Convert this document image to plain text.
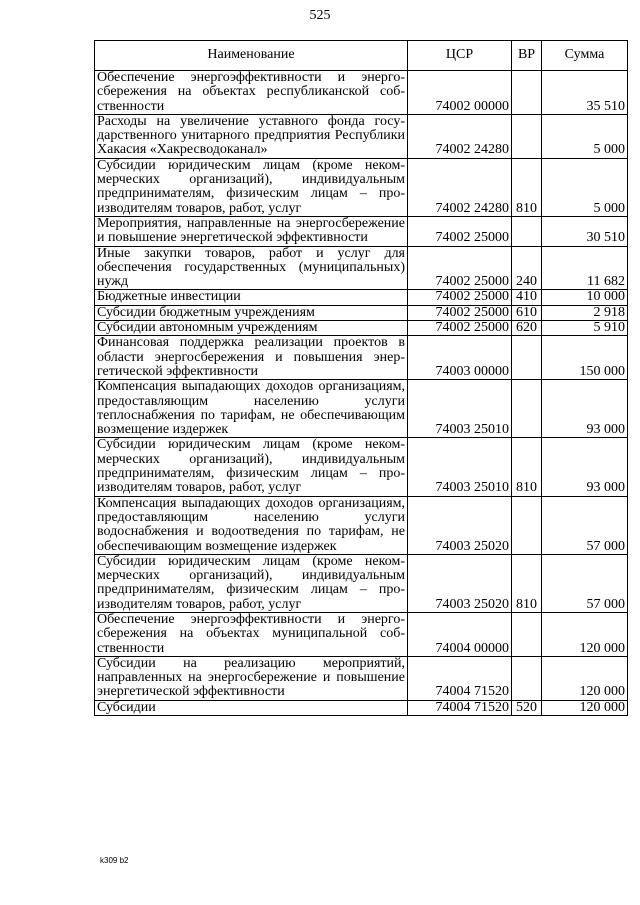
525
Наименование	ЦСР	ВР	Сумма
Обеспечение энергоэффективности и энергосбережения на объектах республиканской собственности	74002 00000		35 510
Расходы на увеличение уставного фонда государственного унитарного предприятия Республики Хакасия «Хакресводоканал»	74002 24280		5 000
Субсидии юридическим лицам (кроме некоммерческих организаций), индивидуальным предпринимателям, физическим лицам – производителям товаров, работ, услуг	74002 24280	810	5 000
Мероприятия, направленные на энергосбережение и повышение энергетической эффективности	74002 25000		30 510
Иные закупки товаров, работ и услуг для обеспечения государственных (муниципальных) нужд	74002 25000	240	11 682
Бюджетные инвестиции	74002 25000	410	10 000
Субсидии бюджетным учреждениям	74002 25000	610	2 918
Субсидии автономным учреждениям	74002 25000	620	5 910
Финансовая поддержка реализации проектов в области энергосбережения и повышения энергетической эффективности	74003 00000		150 000
Компенсация выпадающих доходов организациям, предоставляющим населению услуги теплоснабжения по тарифам, не обеспечивающим возмещение издержек	74003 25010		93 000
Субсидии юридическим лицам (кроме некоммерческих организаций), индивидуальным предпринимателям, физическим лицам – производителям товаров, работ, услуг	74003 25010	810	93 000
Компенсация выпадающих доходов организациям, предоставляющим населению услуги водоснабжения и водоотведения по тарифам, не обеспечивающим возмещение издержек	74003 25020		57 000
Субсидии юридическим лицам (кроме некоммерческих организаций), индивидуальным предпринимателям, физическим лицам – производителям товаров, работ, услуг	74003 25020	810	57 000
Обеспечение энергоэффективности и энергосбережения на объектах муниципальной собственности	74004 00000		120 000
Субсидии на реализацию мероприятий, направленных на энергосбережение и повышение энергетической эффективности	74004 71520		120 000
Субсидии	74004 71520	520	120 000
k309 b2
